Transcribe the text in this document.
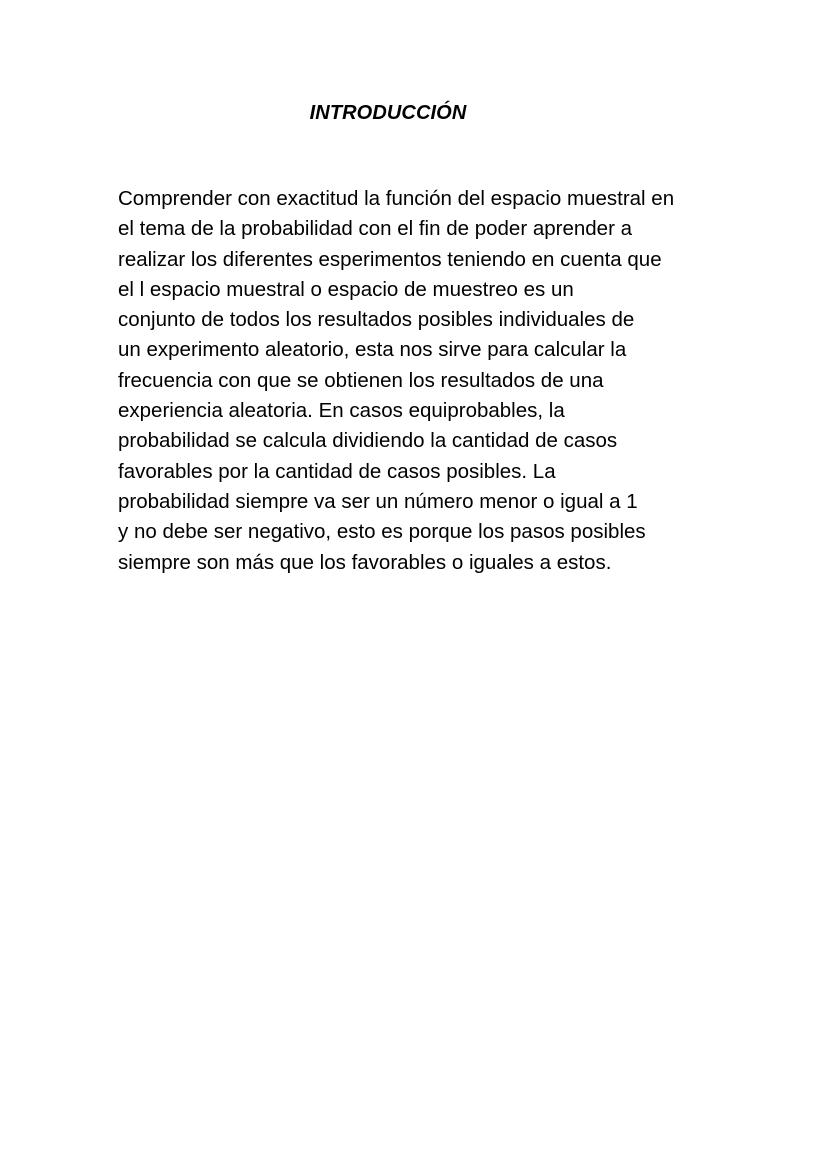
INTRODUCCIÓN

Comprender con exactitud la función del espacio muestral en
el tema de la probabilidad con el fin de poder aprender a
realizar los diferentes esperimentos teniendo en cuenta que
el l espacio muestral o espacio de muestreo es un
conjunto de todos los resultados posibles individuales de
un experimento aleatorio, esta nos sirve para calcular la
frecuencia con que se obtienen los resultados de una
experiencia aleatoria. En casos equiprobables, la
probabilidad se calcula dividiendo la cantidad de casos
favorables por la cantidad de casos posibles. La
probabilidad siempre va ser un número menor o igual a 1
y no debe ser negativo, esto es porque los pasos posibles
siempre son más que los favorables o iguales a estos.
